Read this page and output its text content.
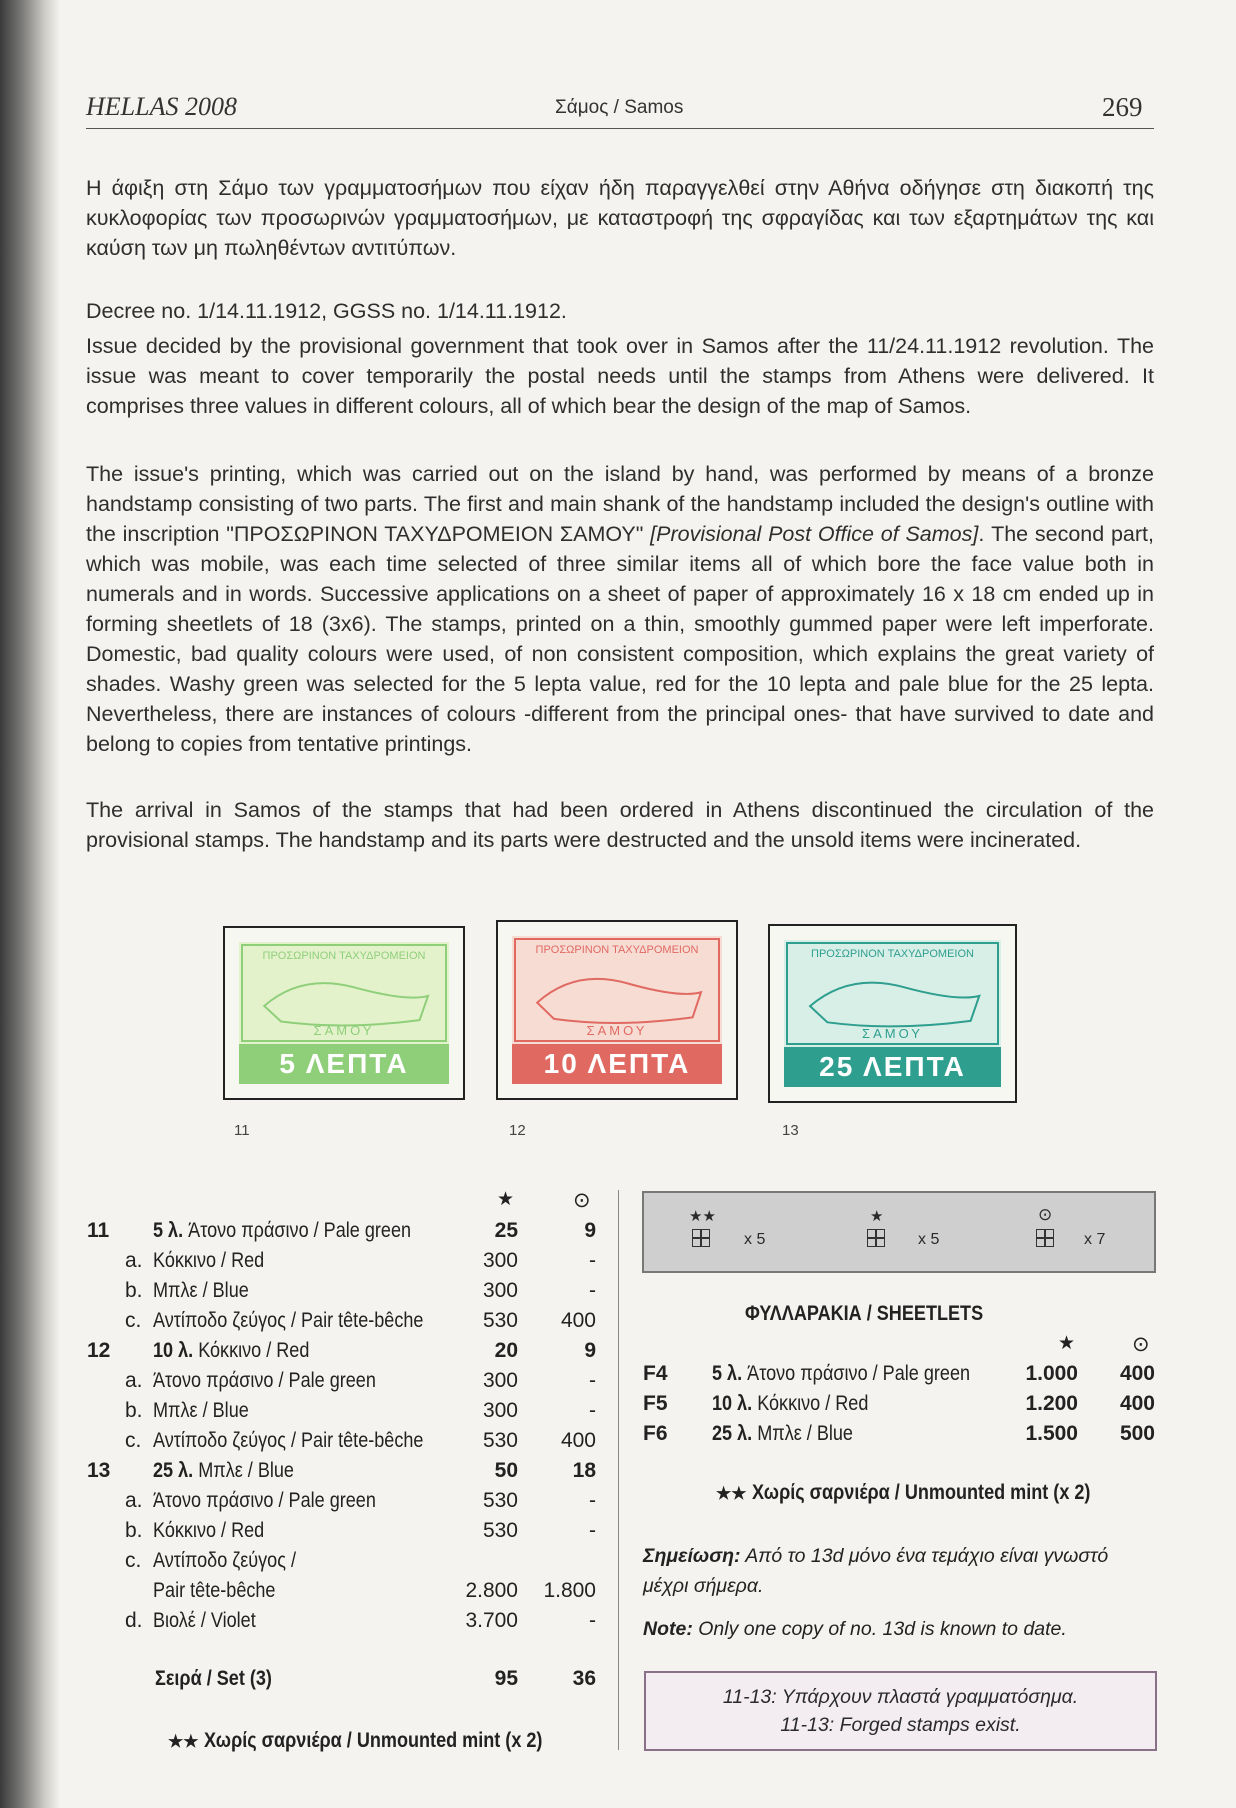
HELLAS 2008	Σάμος / Samos	269
Η άφιξη στη Σάμο των γραμματοσήμων που είχαν ήδη παραγγελθεί στην Αθήνα οδήγησε στη διακοπή της κυκλοφορίας των προσωρινών γραμματοσήμων, με καταστροφή της σφραγίδας και των εξαρτημάτων της και καύση των μη πωληθέντων αντιτύπων.
Decree no. 1/14.11.1912, GGSS no. 1/14.11.1912.
Issue decided by the provisional government that took over in Samos after the 11/24.11.1912 revolution. The issue was meant to cover temporarily the postal needs until the stamps from Athens were delivered. It comprises three values in different colours, all of which bear the design of the map of Samos.
The issue's printing, which was carried out on the island by hand, was performed by means of a bronze handstamp consisting of two parts. The first and main shank of the handstamp included the design's outline with the inscription "ΠΡΟΣΩΡΙΝΟΝ ΤΑΧΥΔΡΟΜΕΙΟΝ ΣΑΜΟΥ" [Provisional Post Office of Samos]. The second part, which was mobile, was each time selected of three similar items all of which bore the face value both in numerals and in words. Successive applications on a sheet of paper of approximately 16 x 18 cm ended up in forming sheetlets of 18 (3x6). The stamps, printed on a thin, smoothly gummed paper were left imperforate. Domestic, bad quality colours were used, of non consistent composition, which explains the great variety of shades. Washy green was selected for the 5 lepta value, red for the 10 lepta and pale blue for the 25 lepta. Nevertheless, there are instances of colours -different from the principal ones- that have survived to date and belong to copies from tentative printings.
The arrival in Samos of the stamps that had been ordered in Athens discontinued the circulation of the provisional stamps. The handstamp and its parts were destructed and the unsold items were incinerated.
ΠΡΟΣΩΡΙΝΟΝ ΤΑΧΥΔΡΟΜΕΙΟΝ
ΣΑΜΟΥ
5 ΛΕΠΤΑ
11
ΠΡΟΣΩΡΙΝΟΝ ΤΑΧΥΔΡΟΜΕΙΟΝ
ΣΑΜΟΥ
10 ΛΕΠΤΑ
12
ΠΡΟΣΩΡΙΝΟΝ ΤΑΧΥΔΡΟΜΕΙΟΝ
ΣΑΜΟΥ
25 ΛΕΠΤΑ
13
★	⊙
11 5 λ. Άτονο πράσινο / Pale green	25	9
a. Κόκκινο / Red	300	-
b. Μπλε / Blue	300	-
c. Αντίποδο ζεύγος / Pair tête-bêche	530	400
12 10 λ. Κόκκινο / Red	20	9
a. Άτονο πράσινο / Pale green	300	-
b. Μπλε / Blue	300	-
c. Αντίποδο ζεύγος / Pair tête-bêche	530	400
13 25 λ. Μπλε / Blue	50	18
a. Άτονο πράσινο / Pale green	530	-
b. Κόκκινο / Red	530	-
c. Αντίποδο ζεύγος /
Pair tête-bêche	2.800	1.800
d. Βιολέ / Violet	3.700	-
Σειρά / Set (3)	95	36
★★ Χωρίς σαρνιέρα / Unmounted mint (x 2)
★★
x 5
★
x 5
⊙
x 7
ΦΥΛΛΑΡΑΚΙΑ / SHEETLETS
★	⊙
F4 5 λ. Άτονο πράσινο / Pale green	1.000	400
F5 10 λ. Κόκκινο / Red	1.200	400
F6 25 λ. Μπλε / Blue	1.500	500
★★ Χωρίς σαρνιέρα / Unmounted mint (x 2)
Σημείωση: Από το 13d μόνο ένα τεμάχιο είναι γνωστό μέχρι σήμερα.
Note: Only one copy of no. 13d is known to date.
11-13: Υπάρχουν πλαστά γραμματόσημα.
11-13: Forged stamps exist.
